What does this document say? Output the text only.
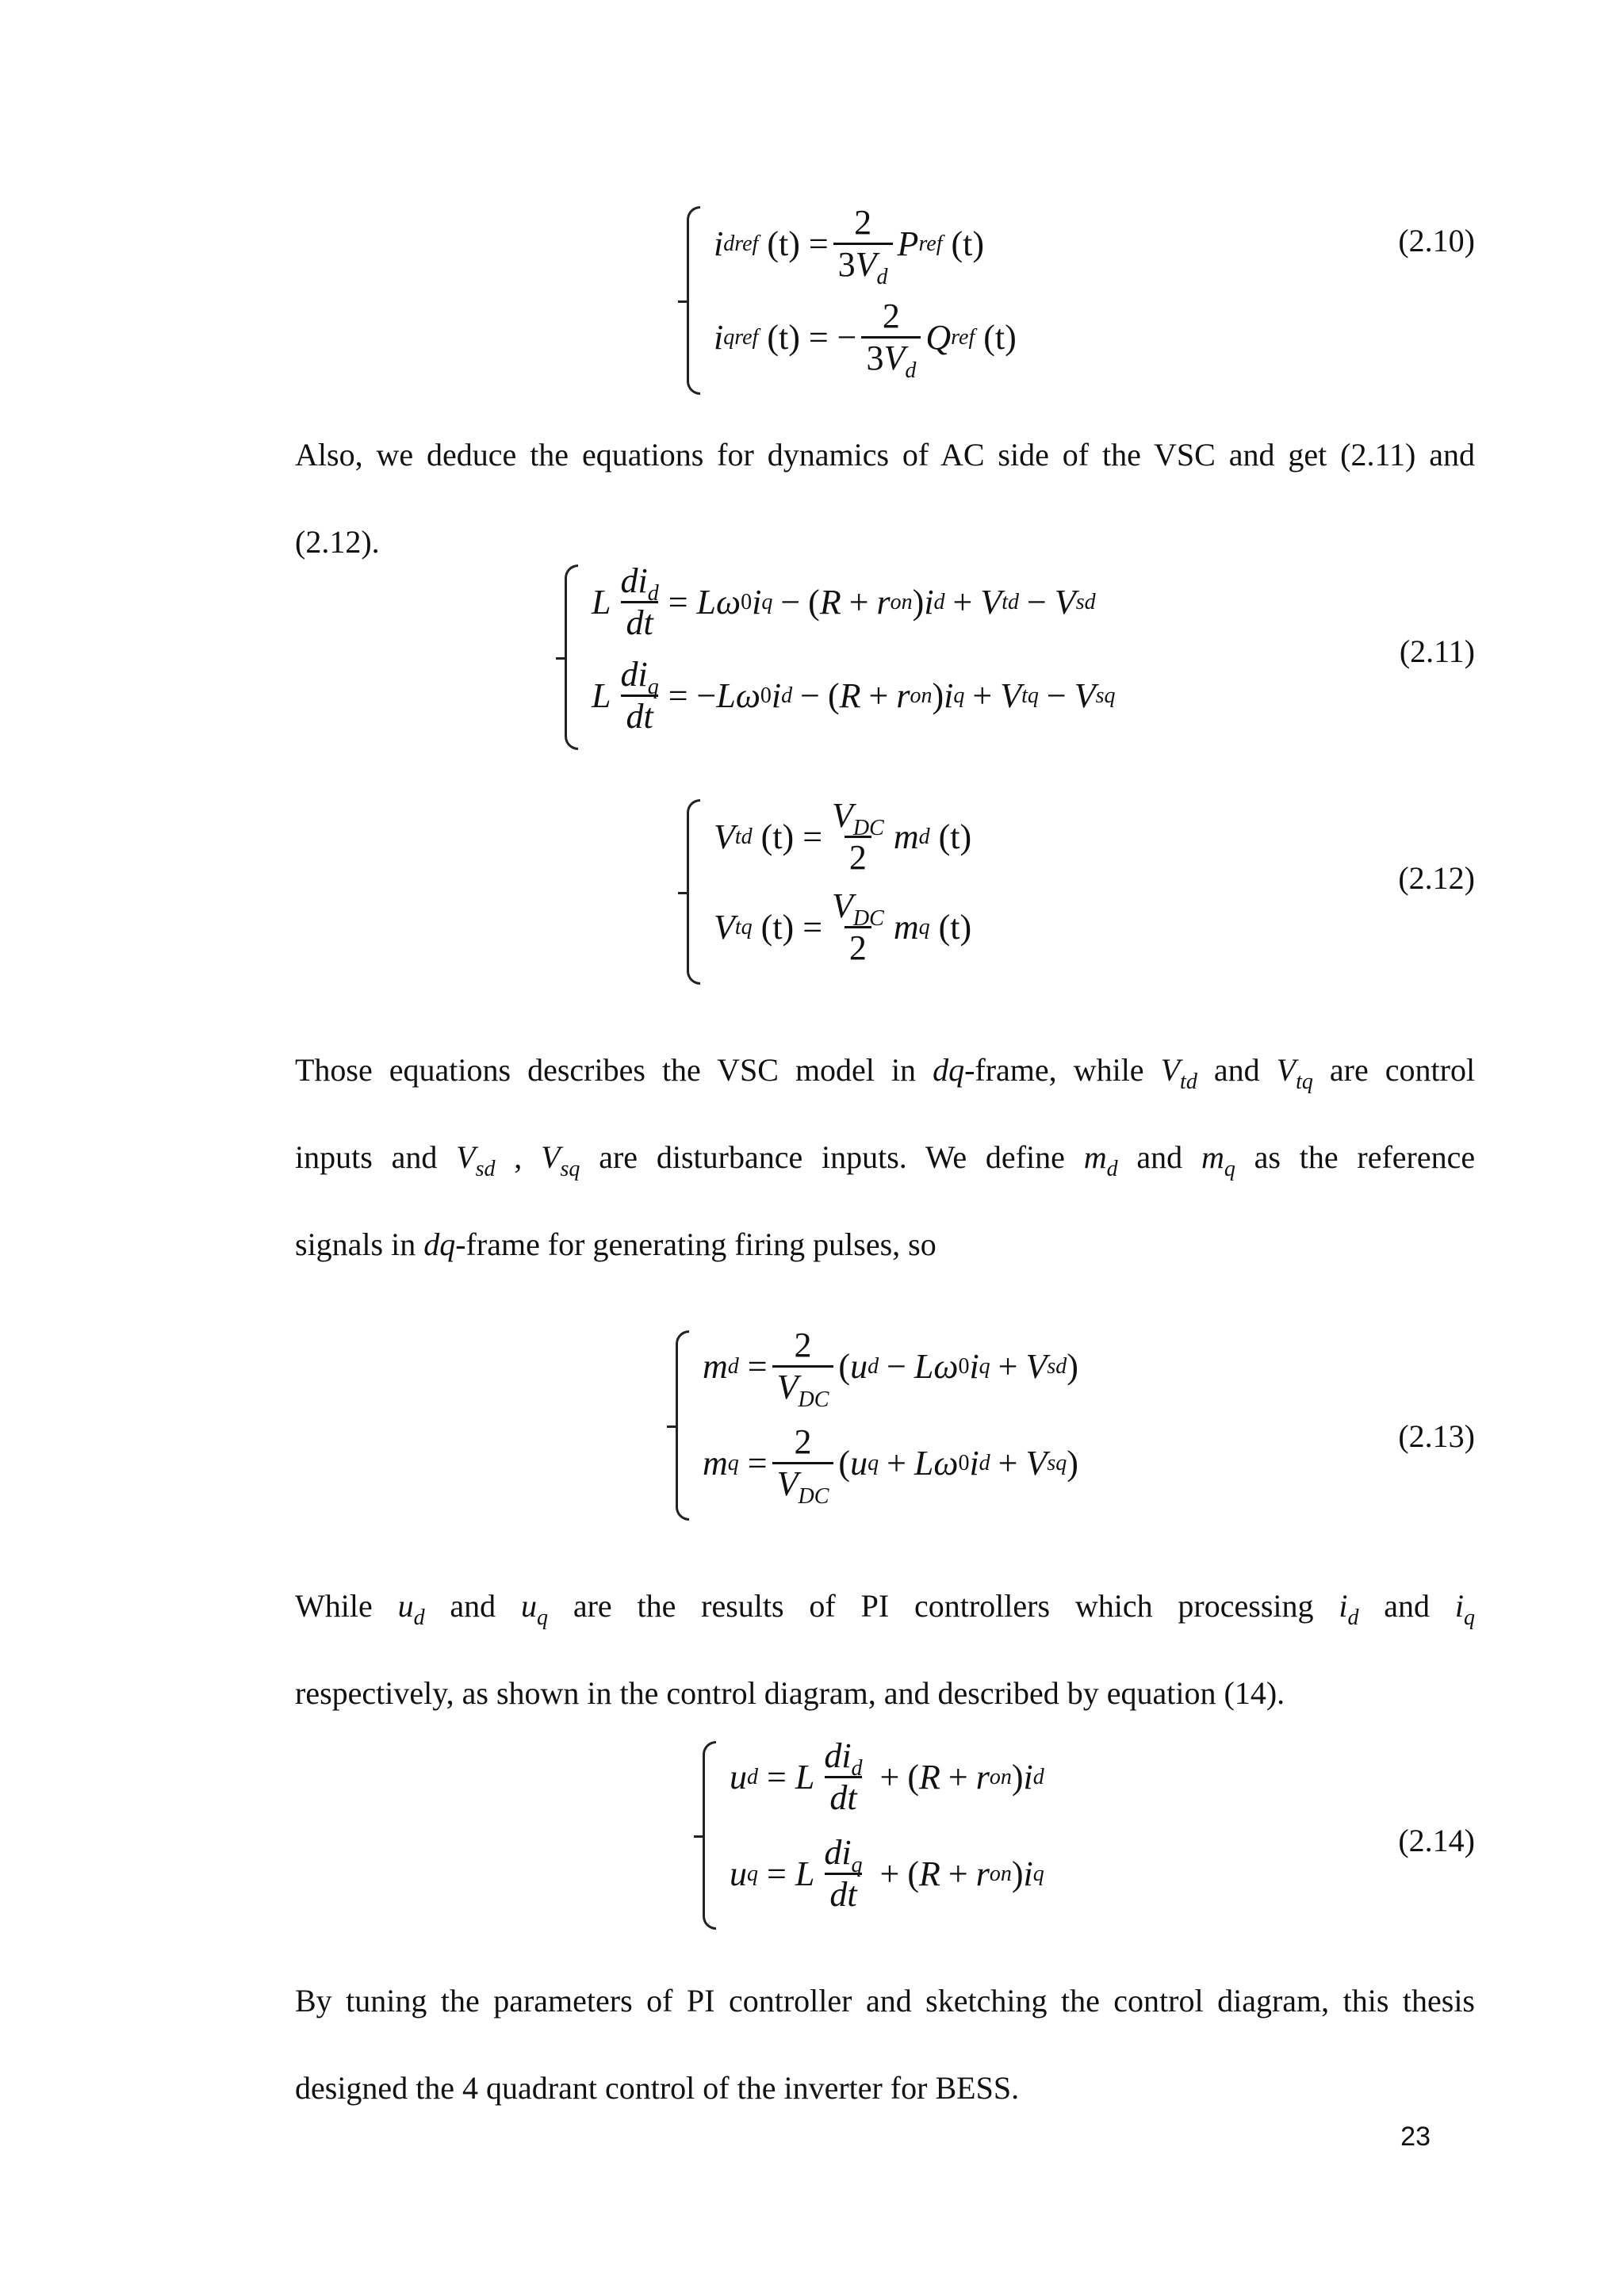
i dref $(t) = \frac{2}{3V_d}$ P ref (t)
i qref (t) = − $\frac{2}{3V_d}$ Q ref (t)
(2.10)
Also, we deduce the equations for dynamics of AC side of the VSC and get (2.11) and
(2.12).
L $\frac{di_d}{dt} = L\omega$ 0 i q − ( R + r on ) i d + V td − V sd
L $\frac{di_q}{dt}$ = − Lω 0 i d − ( R + r on ) i q + V tq − V sq
(2.11)
V td $(t) = \frac{V_{DC}}{2}$ m d (t)
V tq $(t) = \frac{V_{DC}}{2}$ m q (t)
(2.12)
Those equations describes the VSC model in dq-frame, while $V_{td}$ and $V_{tq}$ are control
inputs and $V_{sd}$ , $V_{sq}$ are disturbance inputs. We define $m_d$ and $m_q$ as the reference
signals in dq-frame for generating firing pulses, so
m $d = \frac{2}{V_{DC}}$ ( u d − Lω 0 i q + V sd )
m $q = \frac{2}{V_{DC}}$ ( u q + Lω 0 i d + V sq )
(2.13)
While $u_d$ and $u_q$ are the results of PI controllers which processing $i_d$ and $i_q$
respectively, as shown in the control diagram, and described by equation (14).
u d = L $\frac{di_d}{dt}$ + ( R + r on ) i d
u q = L $\frac{di_q}{dt}$ + ( R + r on ) i q
(2.14)
By tuning the parameters of PI controller and sketching the control diagram, this thesis
designed the 4 quadrant control of the inverter for BESS.
23
